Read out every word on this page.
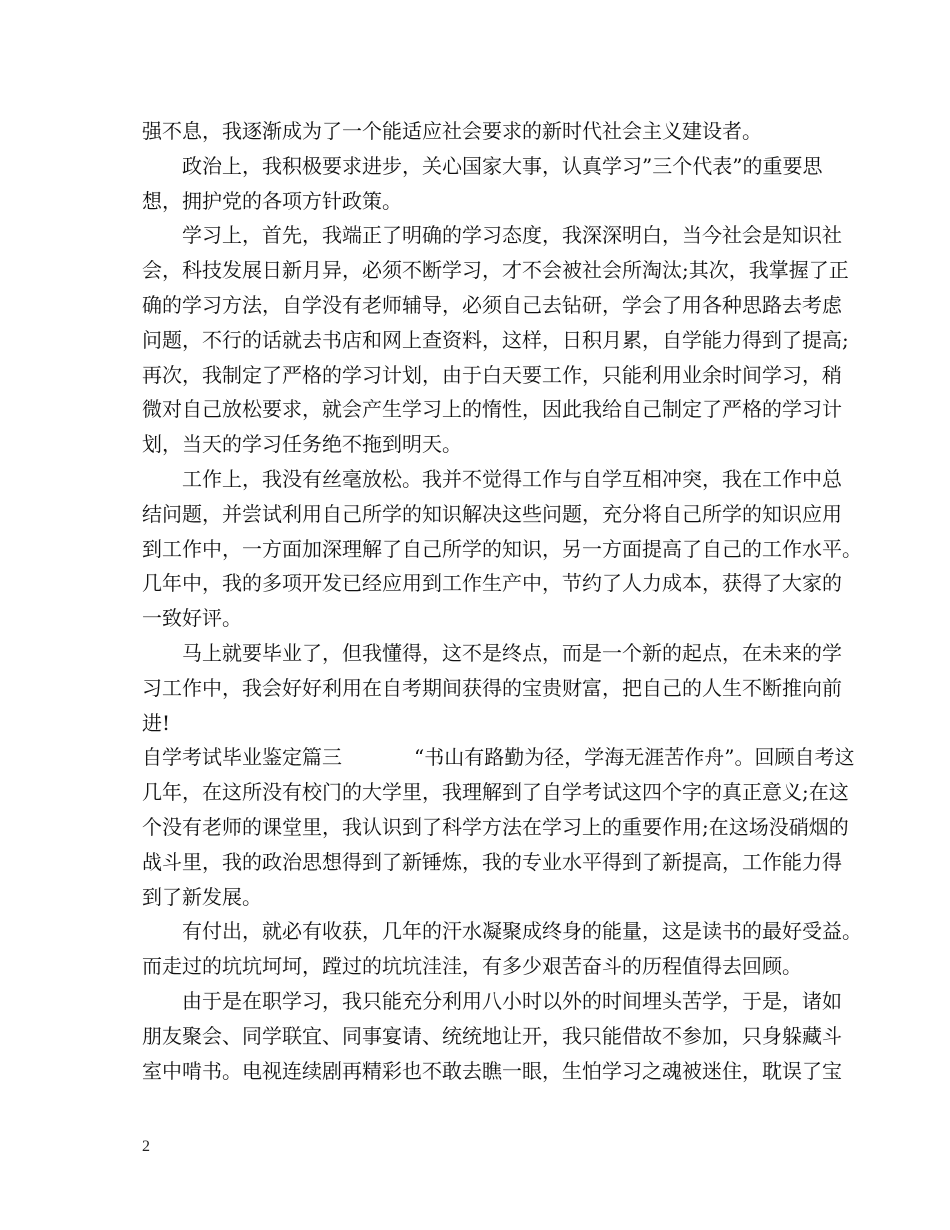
强不息，我逐渐成为了一个能适应社会要求的新时代社会主义建设者。
政治上，我积极要求进步，关心国家大事，认真学习”三个代表”的重要思
想，拥护党的各项方针政策。
学习上，首先，我端正了明确的学习态度，我深深明白，当今社会是知识社
会，科技发展日新月异，必须不断学习，才不会被社会所淘汰;其次，我掌握了正
确的学习方法，自学没有老师辅导，必须自己去钻研，学会了用各种思路去考虑
问题，不行的话就去书店和网上查资料，这样，日积月累，自学能力得到了提高;
再次，我制定了严格的学习计划，由于白天要工作，只能利用业余时间学习，稍
微对自己放松要求，就会产生学习上的惰性，因此我给自己制定了严格的学习计
划，当天的学习任务绝不拖到明天。
工作上，我没有丝毫放松。我并不觉得工作与自学互相冲突，我在工作中总
结问题，并尝试利用自己所学的知识解决这些问题，充分将自己所学的知识应用
到工作中，一方面加深理解了自己所学的知识，另一方面提高了自己的工作水平。
几年中，我的多项开发已经应用到工作生产中，节约了人力成本，获得了大家的
一致好评。
马上就要毕业了，但我懂得，这不是终点，而是一个新的起点，在未来的学
习工作中，我会好好利用在自考期间获得的宝贵财富，把自己的人生不断推向前
进!
自学考试毕业鉴定篇三	“书山有路勤为径，学海无涯苦作舟”。回顾自考这
几年，在这所没有校门的大学里，我理解到了自学考试这四个字的真正意义;在这
个没有老师的课堂里，我认识到了科学方法在学习上的重要作用;在这场没硝烟的
战斗里，我的政治思想得到了新锤炼，我的专业水平得到了新提高，工作能力得
到了新发展。
有付出，就必有收获，几年的汗水凝聚成终身的能量，这是读书的最好受益。
而走过的坑坑坷坷，蹚过的坑坑洼洼，有多少艰苦奋斗的历程值得去回顾。
由于是在职学习，我只能充分利用八小时以外的时间埋头苦学，于是，诸如
朋友聚会、同学联宜、同事宴请、统统地让开，我只能借故不参加，只身躲藏斗
室中啃书。电视连续剧再精彩也不敢去瞧一眼，生怕学习之魂被迷住，耽误了宝
2
